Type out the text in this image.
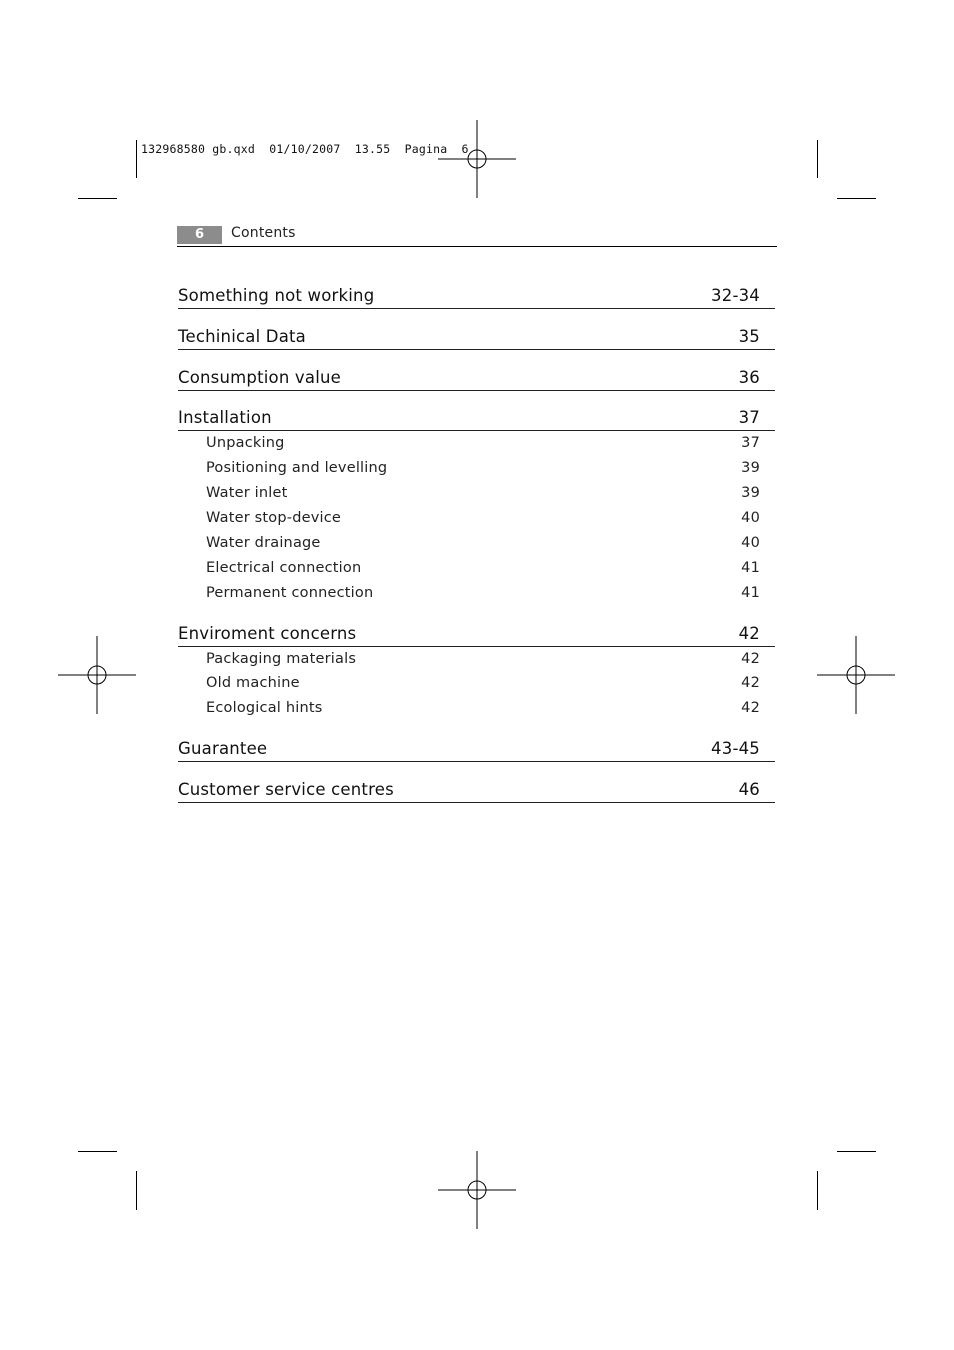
132968580 gb.qxd  01/10/2007  13.55  Pagina  6
6	Contents
Something not working	32-34
Techinical Data	35
Consumption value	36
Installation	37
Unpacking	37
Positioning and levelling	39
Water inlet	39
Water stop-device	40
Water drainage	40
Electrical connection	41
Permanent connection	41
Enviroment concerns	42
Packaging materials	42
Old machine	42
Ecological hints	42
Guarantee	43-45
Customer service centres	46
